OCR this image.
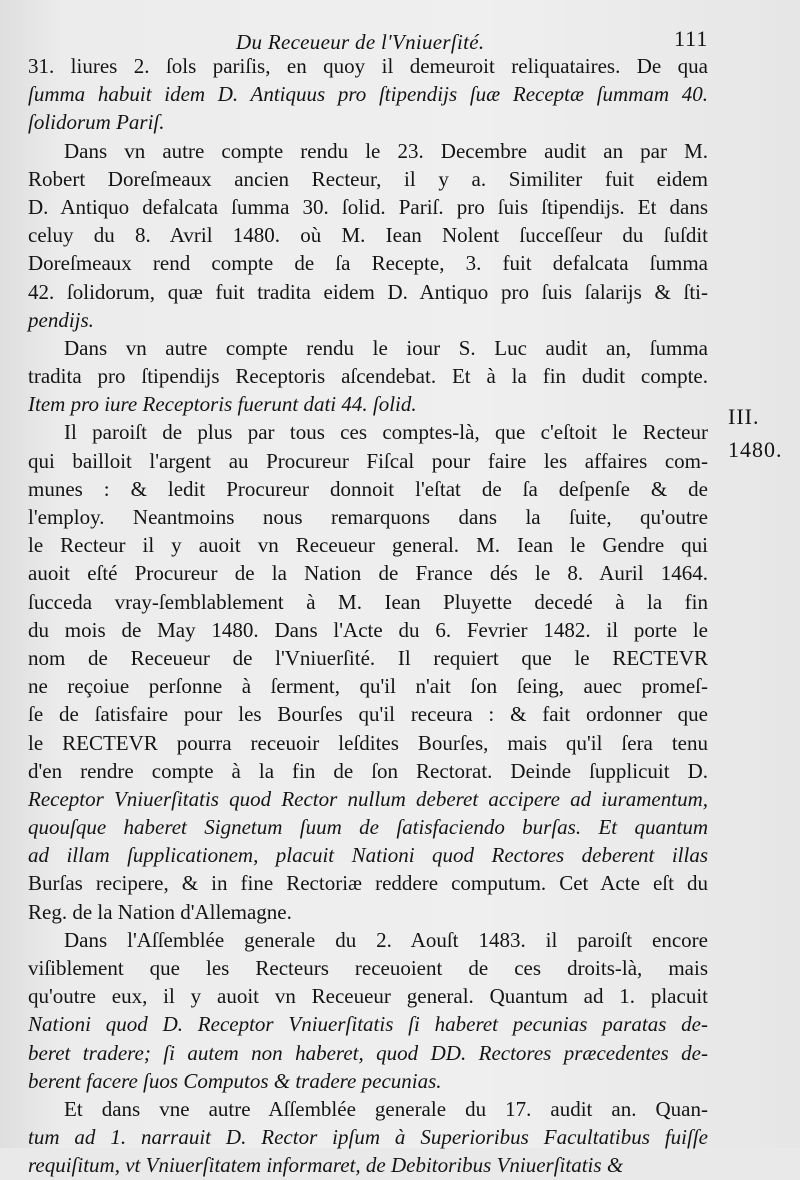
Du Receueur de l'Vniuerſité.	111
31. liures 2. ſols pariſis, en quoy il demeuroit reliquataires. De qua
ſumma habuit idem D. Antiquus pro ſtipendijs ſuæ Receptæ ſummam 40.
ſolidorum Pariſ.
Dans vn autre compte rendu le 23. Decembre audit an par M.
Robert Doreſmeaux ancien Recteur, il y a. Similiter fuit eidem
D. Antiquo defalcata ſumma 30. ſolid. Pariſ. pro ſuis ſtipendijs. Et dans
celuy du 8. Avril 1480. où M. Iean Nolent ſucceſſeur du ſuſdit
Doreſmeaux rend compte de ſa Recepte, 3. fuit defalcata ſumma
42. ſolidorum, quæ fuit tradita eidem D. Antiquo pro ſuis ſalarijs & ſti-
pendijs.
Dans vn autre compte rendu le iour S. Luc audit an, ſumma
tradita pro ſtipendijs Receptoris aſcendebat. Et à la fin dudit compte.
Item pro iure Receptoris fuerunt dati 44. ſolid.
Il paroiſt de plus par tous ces comptes-là, que c'eſtoit le Recteur
qui bailloit l'argent au Procureur Fiſcal pour faire les affaires com-
munes : & ledit Procureur donnoit l'eſtat de ſa deſpenſe & de
l'employ. Neantmoins nous remarquons dans la ſuite, qu'outre
le Recteur il y auoit vn Receueur general. M. Iean le Gendre qui
auoit eſté Procureur de la Nation de France dés le 8. Auril 1464.
ſucceda vray-ſemblablement à M. Iean Pluyette decedé à la fin
du mois de May 1480. Dans l'Acte du 6. Fevrier 1482. il porte le
nom de Receueur de l'Vniuerſité. Il requiert que le RECTEVR
ne reçoiue perſonne à ſerment, qu'il n'ait ſon ſeing, auec promeſ-
ſe de ſatisfaire pour les Bourſes qu'il receura : & fait ordonner que
le RECTEVR pourra receuoir leſdites Bourſes, mais qu'il ſera tenu
d'en rendre compte à la fin de ſon Rectorat. Deinde ſupplicuit D.
Receptor Vniuerſitatis quod Rector nullum deberet accipere ad iuramentum,
quouſque haberet Signetum ſuum de ſatisfaciendo burſas. Et quantum
ad illam ſupplicationem, placuit Nationi quod Rectores deberent illas
Burſas recipere, & in fine Rectoriæ reddere computum. Cet Acte eſt du
Reg. de la Nation d'Allemagne.
Dans l'Aſſemblée generale du 2. Aouſt 1483. il paroiſt encore
viſiblement que les Recteurs receuoient de ces droits-là, mais
qu'outre eux, il y auoit vn Receueur general. Quantum ad 1. placuit
Nationi quod D. Receptor Vniuerſitatis ſi haberet pecunias paratas de-
beret tradere; ſi autem non haberet, quod DD. Rectores præcedentes de-
berent facere ſuos Computos & tradere pecunias.
Et dans vne autre Aſſemblée generale du 17. audit an. Quan-
tum ad 1. narrauit D. Rector ipſum à Superioribus Facultatibus fuiſſe
requiſitum, vt Vniuerſitatem informaret, de Debitoribus Vniuerſitatis &
III.
1480.
